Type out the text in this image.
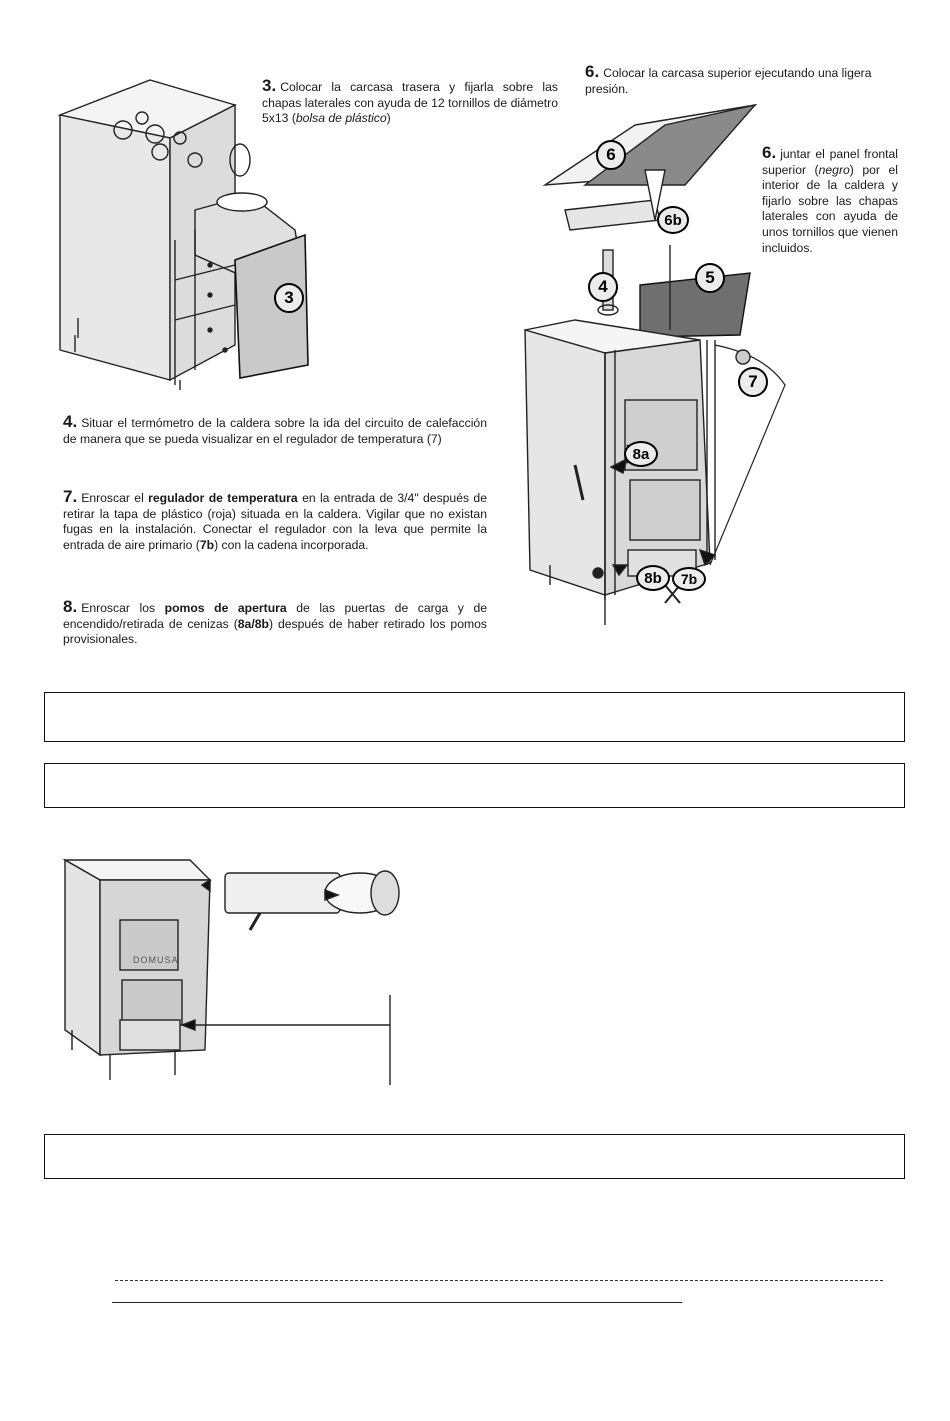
3
3. Colocar la carcasa trasera y fijarla sobre las chapas laterales con ayuda de 12 tornillos de diámetro 5x13 (bolsa de plástico)
6. Colocar la carcasa superior ejecutando una ligera presión.
6. juntar el panel frontal superior (negro) por el interior de la caldera y fijarlo sobre las chapas laterales con ayuda de unos tornillos que vienen incluidos.
6
6b
4	5
7
8a
8b	7b
4. Situar el termómetro de la caldera sobre la ida del circuito de calefacción de manera que se pueda visualizar en el regulador de temperatura (7)
7. Enroscar el regulador de temperatura en la entrada de 3/4" después de retirar la tapa de plástico (roja) situada en la caldera. Vigilar que no existan fugas en la instalación. Conectar el regulador con la leva que permite la entrada de aire primario (7b) con la cadena incorporada.
8. Enroscar los pomos de apertura de las puertas de carga y de encendido/retirada de cenizas (8a/8b) después de haber retirado los pomos provisionales.
DOMUSA
